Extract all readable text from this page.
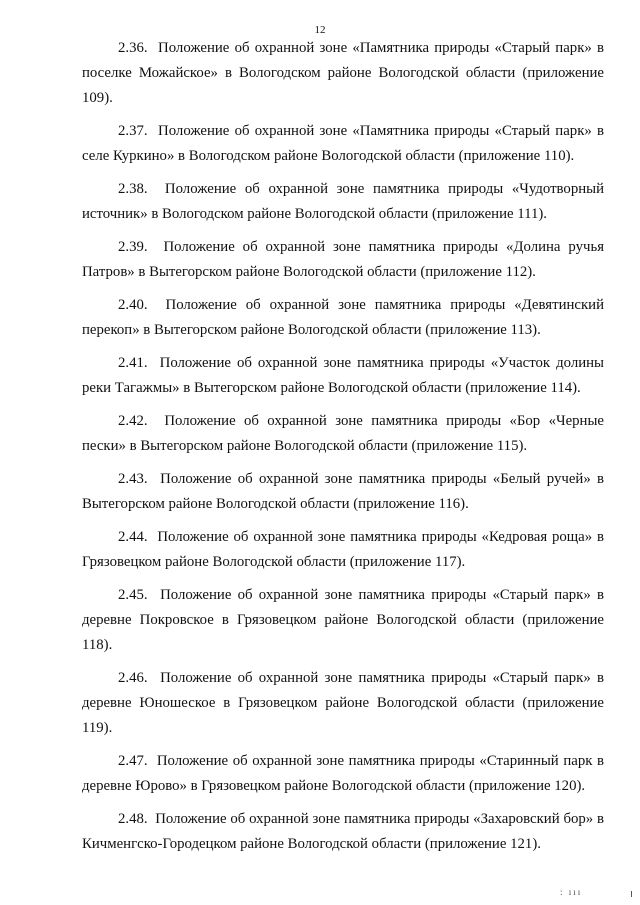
12

2.36. Положение об охранной зоне «Памятника природы «Старый парк» в поселке Можайское» в Вологодском районе Вологодской области (приложение 109).

2.37. Положение об охранной зоне «Памятника природы «Старый парк» в селе Куркино» в Вологодском районе Вологодской области (приложение 110).

2.38. Положение об охранной зоне памятника природы «Чудотворный источник» в Вологодском районе Вологодской области (приложение 111).

2.39. Положение об охранной зоне памятника природы «Долина ручья Патров» в Вытегорском районе Вологодской области (приложение 112).

2.40. Положение об охранной зоне памятника природы «Девятинский перекоп» в Вытегорском районе Вологодской области (приложение 113).

2.41. Положение об охранной зоне памятника природы «Участок долины реки Тагажмы» в Вытегорском районе Вологодской области (приложение 114).

2.42. Положение об охранной зоне памятника природы «Бор «Черные пески» в Вытегорском районе Вологодской области (приложение 115).

2.43. Положение об охранной зоне памятника природы «Белый ручей» в Вытегорском районе Вологодской области (приложение 116).

2.44. Положение об охранной зоне памятника природы «Кедровая роща» в Грязовецком районе Вологодской области (приложение 117).

2.45. Положение об охранной зоне памятника природы «Старый парк» в деревне Покровское в Грязовецком районе Вологодской области (приложение 118).

2.46. Положение об охранной зоне памятника природы «Старый парк» в деревне Юношеское в Грязовецком районе Вологодской области (приложение 119).

2.47. Положение об охранной зоне памятника природы «Старинный парк в деревне Юрово» в Грязовецком районе Вологодской области (приложение 120).

2.48. Положение об охранной зоне памятника природы «Захаровский бор» в Кичменгско-Городецком районе Вологодской области (приложение 121).

: ııı
